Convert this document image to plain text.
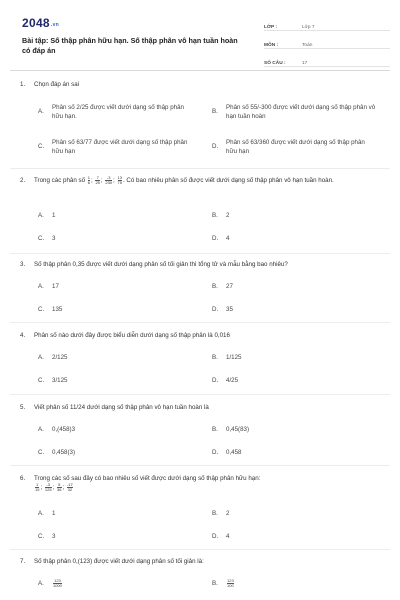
2048.vn
Bài tập: Số thập phân hữu hạn. Số thập phân vô hạn tuần hoàn có đáp án
LỚP :	Lớp 7
MÔN :	Toán
SỐ CÂU :	17
1. Chọn đáp án sai
A.
Phân số 2/25 được viết dưới dạng số thập phân hữu hạn.
B.
Phân số 55/-300 được viết dưới dạng số thập phân vô hạn tuần hoàn
C.
Phân số 63/77 được viết dưới dạng số thập phân hữu hạn
D.
Phân số 63/360 được viết dưới dạng số thập phân hữu hạn
2. Trong các phân số $\frac{1}{6}$ ; $\frac{7}{25}$ ; $\frac{-3}{230}$ ; $\frac{13}{75}$ . Có bao nhiêu phân số được viết dưới dạng số thập phân vô hạn tuần hoàn.
A.	1	B.	2
C.	3	D.	4
3. Số thập phân 0,35 được viết dưới dạng phân số tối giản thì tổng tử và mẫu bằng bao nhiêu?
A.	17	B.	27
C.	135	D.	35
4. Phân số nào dưới đây được biểu diễn dưới dạng số thập phân là 0,016
A.	2/125	B.	1/125
C.	3/125	D.	4/25
5. Viết phân số 11/24 dưới dạng số thập phân vô hạn tuần hoàn là
A.	0,(458)3	B.	0,45(83)
C.	0,458(3)	D.	0,458
6. Trong các số sau đây có bao nhiêu số viết được dưới dạng số thập phân hữu hạn:
$\frac{1}{15}$ ; $\frac{-3}{125}$ ; $\frac{5}{36}$ ; $\frac{-17}{32}$
A.	1	B.	2
C.	3	D.	4
7. Số thập phân 0,(123) được viết dưới dạng phân số tối giản là:
A.	$\frac{123}{1000}$	B.	$\frac{123}{100}$
